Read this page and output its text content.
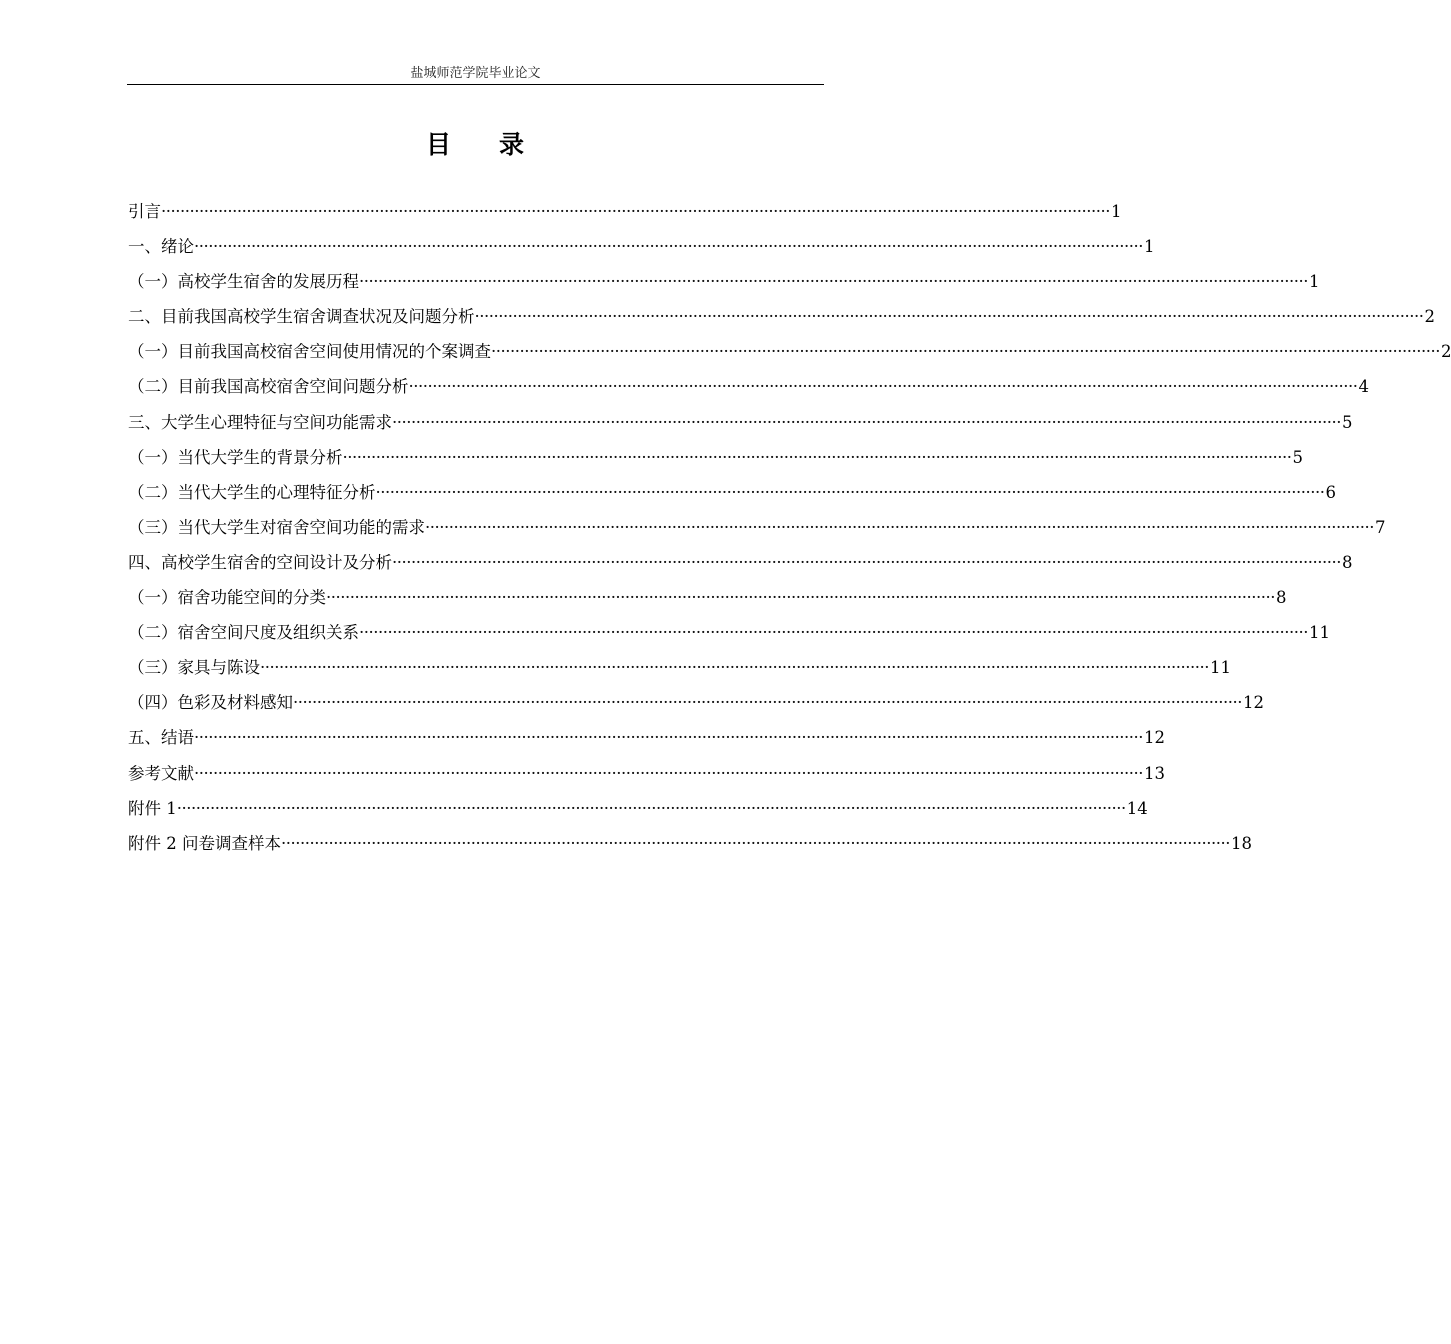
盐城师范学院毕业论文
目 录
引言 ········································································································································································································ 1
一、绪论 ········································································································································································································ 1
（一）高校学生宿舍的发展历程 ········································································································································································································ 1
二、目前我国高校学生宿舍调查状况及问题分析 ········································································································································································································ 2
（一）目前我国高校宿舍空间使用情况的个案调查 ········································································································································································································ 2
（二）目前我国高校宿舍空间问题分析 ········································································································································································································ 4
三、大学生心理特征与空间功能需求 ········································································································································································································ 5
（一）当代大学生的背景分析 ········································································································································································································ 5
（二）当代大学生的心理特征分析 ········································································································································································································ 6
（三）当代大学生对宿舍空间功能的需求 ········································································································································································································ 7
四、高校学生宿舍的空间设计及分析 ········································································································································································································ 8
（一）宿舍功能空间的分类 ········································································································································································································ 8
（二）宿舍空间尺度及组织关系 ········································································································································································································ 11
（三）家具与陈设 ········································································································································································································ 11
（四）色彩及材料感知 ········································································································································································································ 12
五、结语 ········································································································································································································ 12
参考文献 ········································································································································································································ 13
附件 1 ········································································································································································································ 14
附件 2 问卷调查样本 ········································································································································································································ 18
